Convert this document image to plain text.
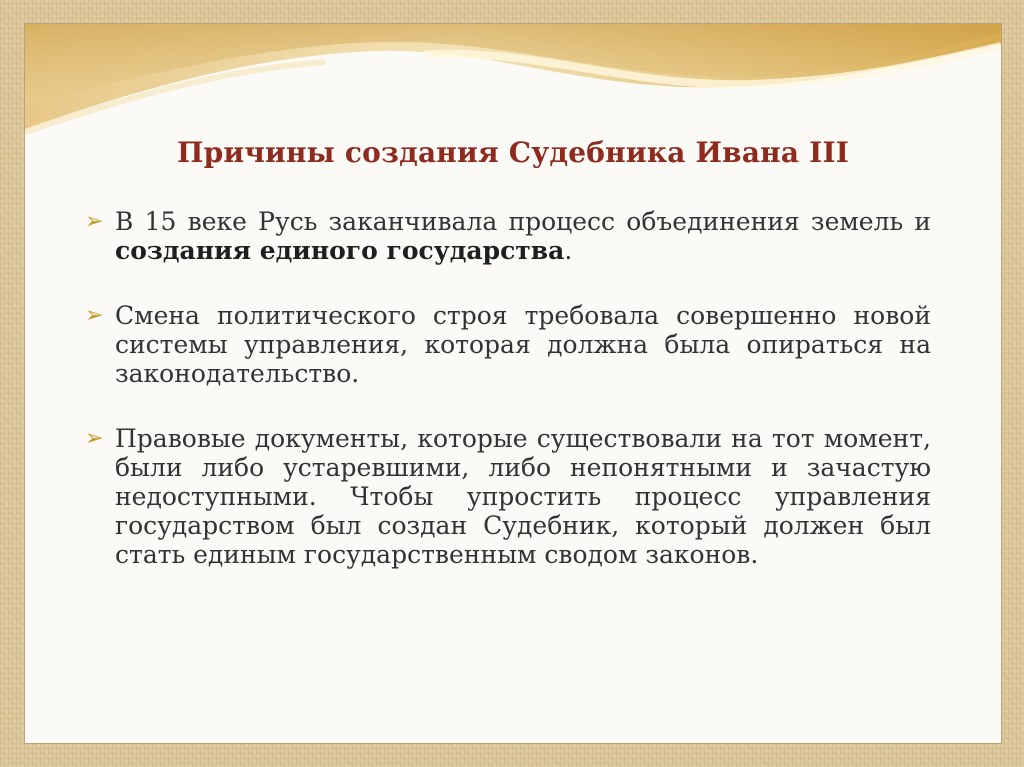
Причины создания Судебника Ивана III
➢ В 15 веке Русь заканчивала процесс объединения земель и создания единого государства.
➢ Смена политического строя требовала совершенно новой системы управления, которая должна была опираться на законодательство.
➢ Правовые документы, которые существовали на тот момент, были либо устаревшими, либо непонятными и зачастую недоступными. Чтобы упростить процесс управления государством был создан Судебник, который должен был стать единым государственным сводом законов.
